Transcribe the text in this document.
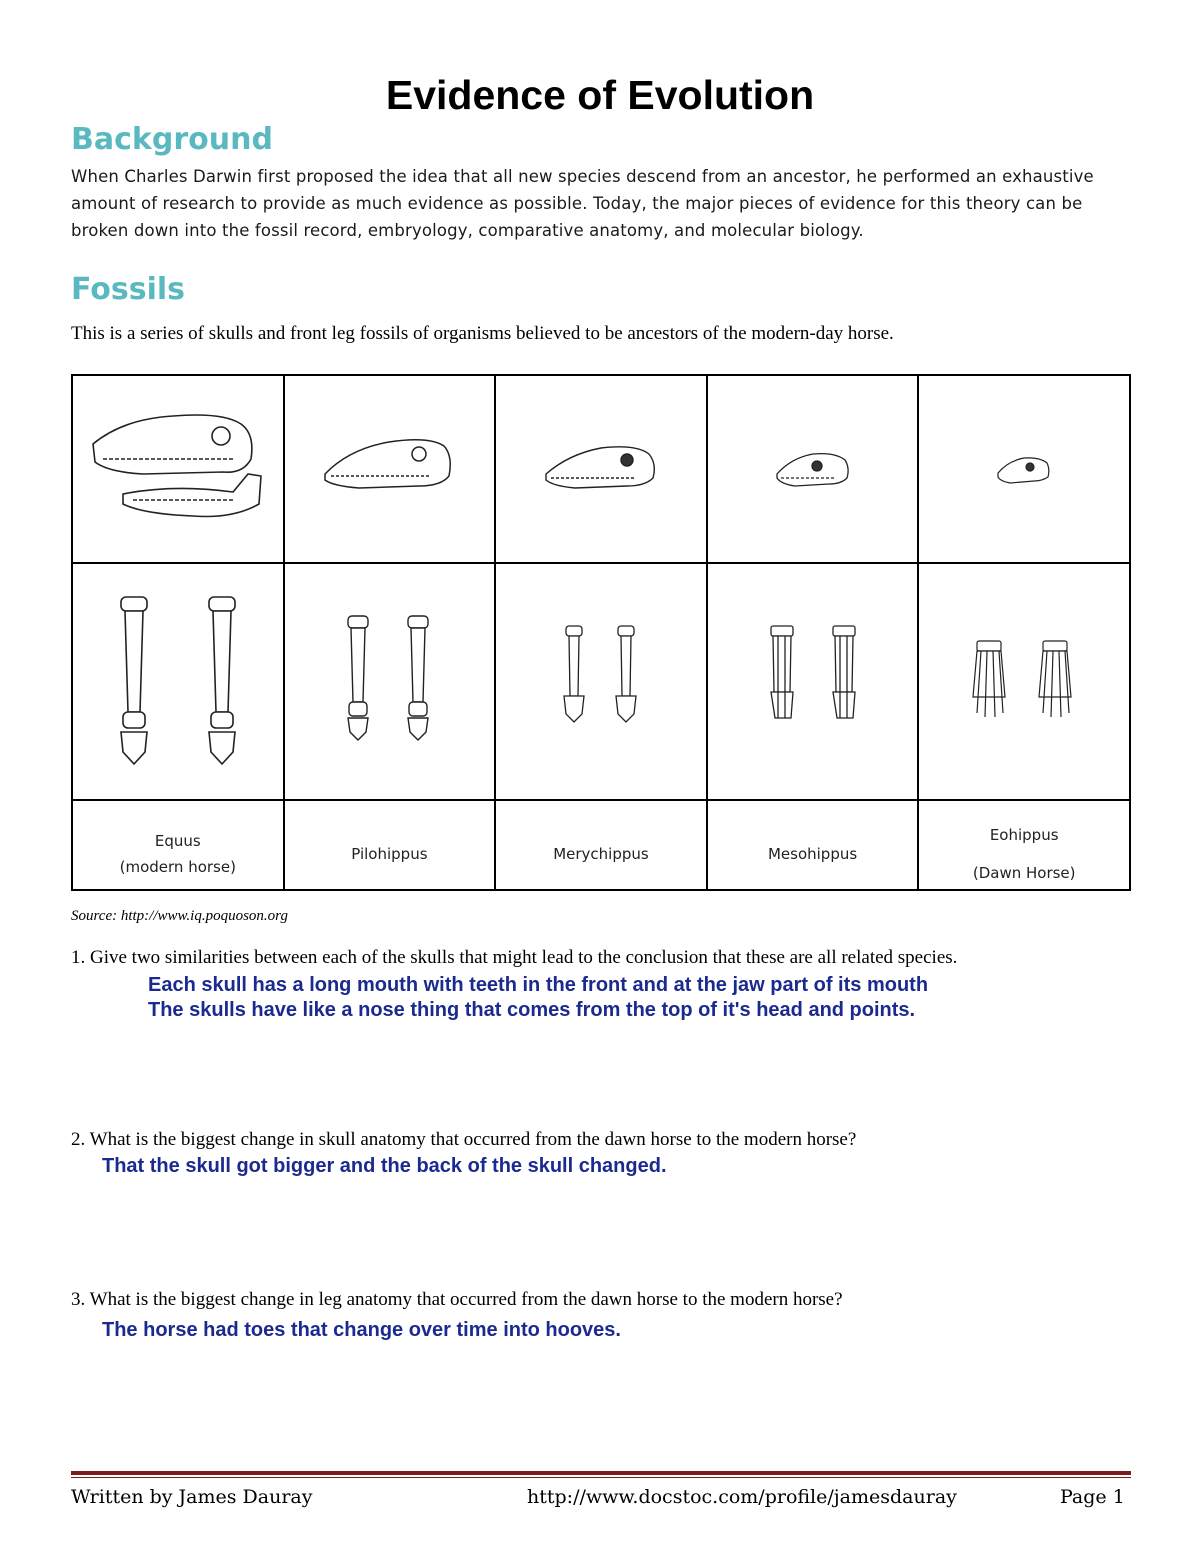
Evidence of Evolution
Background
When Charles Darwin first proposed the idea that all new species descend from an ancestor, he performed an exhaustive amount of research to provide as much evidence as possible. Today, the major pieces of evidence for this theory can be broken down into the fossil record, embryology, comparative anatomy, and molecular biology.
Fossils
This is a series of skulls and front leg fossils of organisms believed to be ancestors of the modern-day horse.

Equus
(modern horse)	Pilohippus	Merychippus	Mesohippus	Eohippus
(Dawn Horse)
Source: http://www.iq.poquoson.org
1. Give two similarities between each of the skulls that might lead to the conclusion that these are all related species.
Each skull has a long mouth with teeth in the front and at the jaw part of its mouth
The skulls have like a nose thing that comes from the top of it's head and points.
2. What is the biggest change in skull anatomy that occurred from the dawn horse to the modern horse?
That the skull got bigger and the back of the skull changed.
3. What is the biggest change in leg anatomy that occurred from the dawn horse to the modern horse?
The horse had toes that change over time into hooves.
Written by James Dauray	http://www.docstoc.com/profile/jamesdauray	Page 1
